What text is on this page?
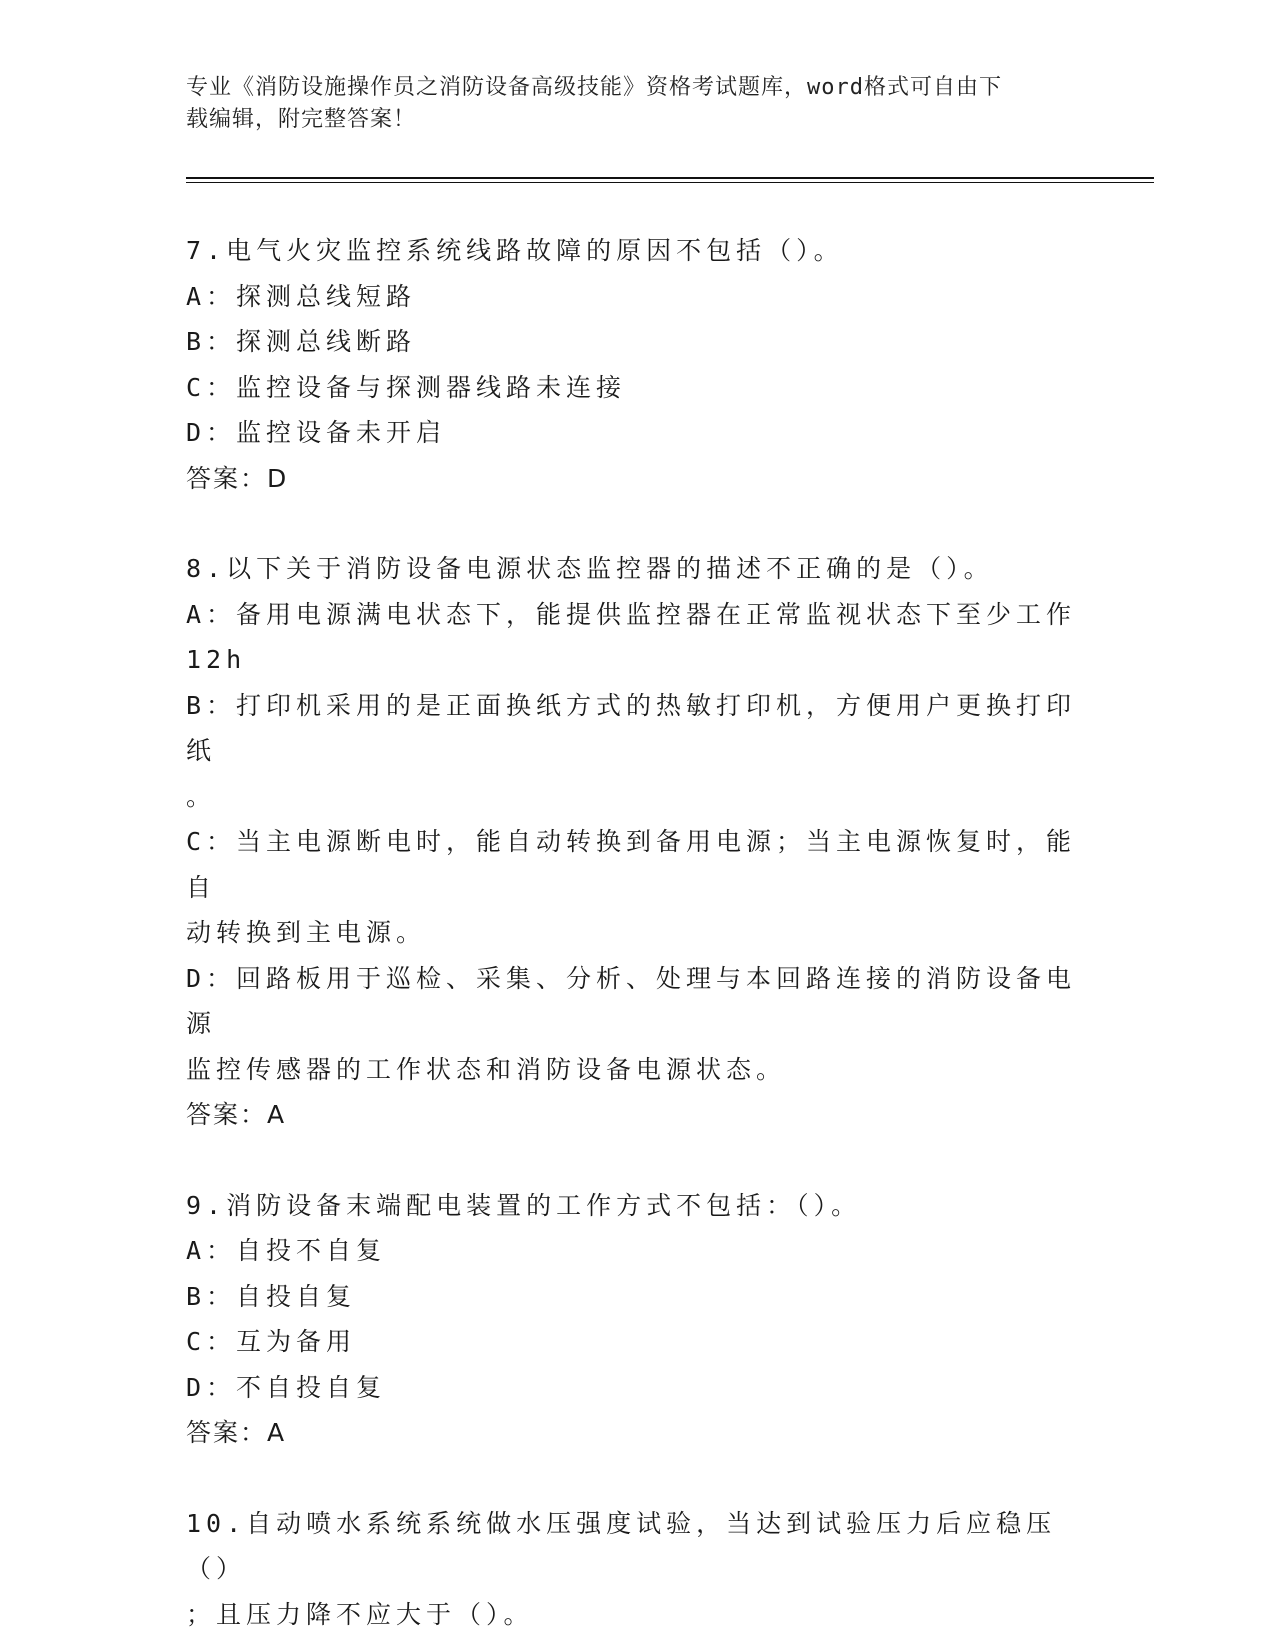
专业《消防设施操作员之消防设备高级技能》资格考试题库，word格式可自由下
载编辑，附完整答案！
7.电气火灾监控系统线路故障的原因不包括（）。
A：探测总线短路
B：探测总线断路
C：监控设备与探测器线路未连接
D：监控设备未开启
答案：D
8.以下关于消防设备电源状态监控器的描述不正确的是（）。
A：备用电源满电状态下，能提供监控器在正常监视状态下至少工作
12h
B：打印机采用的是正面换纸方式的热敏打印机，方便用户更换打印纸
。
C：当主电源断电时，能自动转换到备用电源；当主电源恢复时，能自
动转换到主电源。
D：回路板用于巡检、采集、分析、处理与本回路连接的消防设备电源
监控传感器的工作状态和消防设备电源状态。
答案：A
9.消防设备末端配电装置的工作方式不包括：（）。
A：自投不自复
B：自投自复
C：互为备用
D：不自投自复
答案：A
10.自动喷水系统系统做水压强度试验，当达到试验压力后应稳压（）
；且压力降不应大于（）。
